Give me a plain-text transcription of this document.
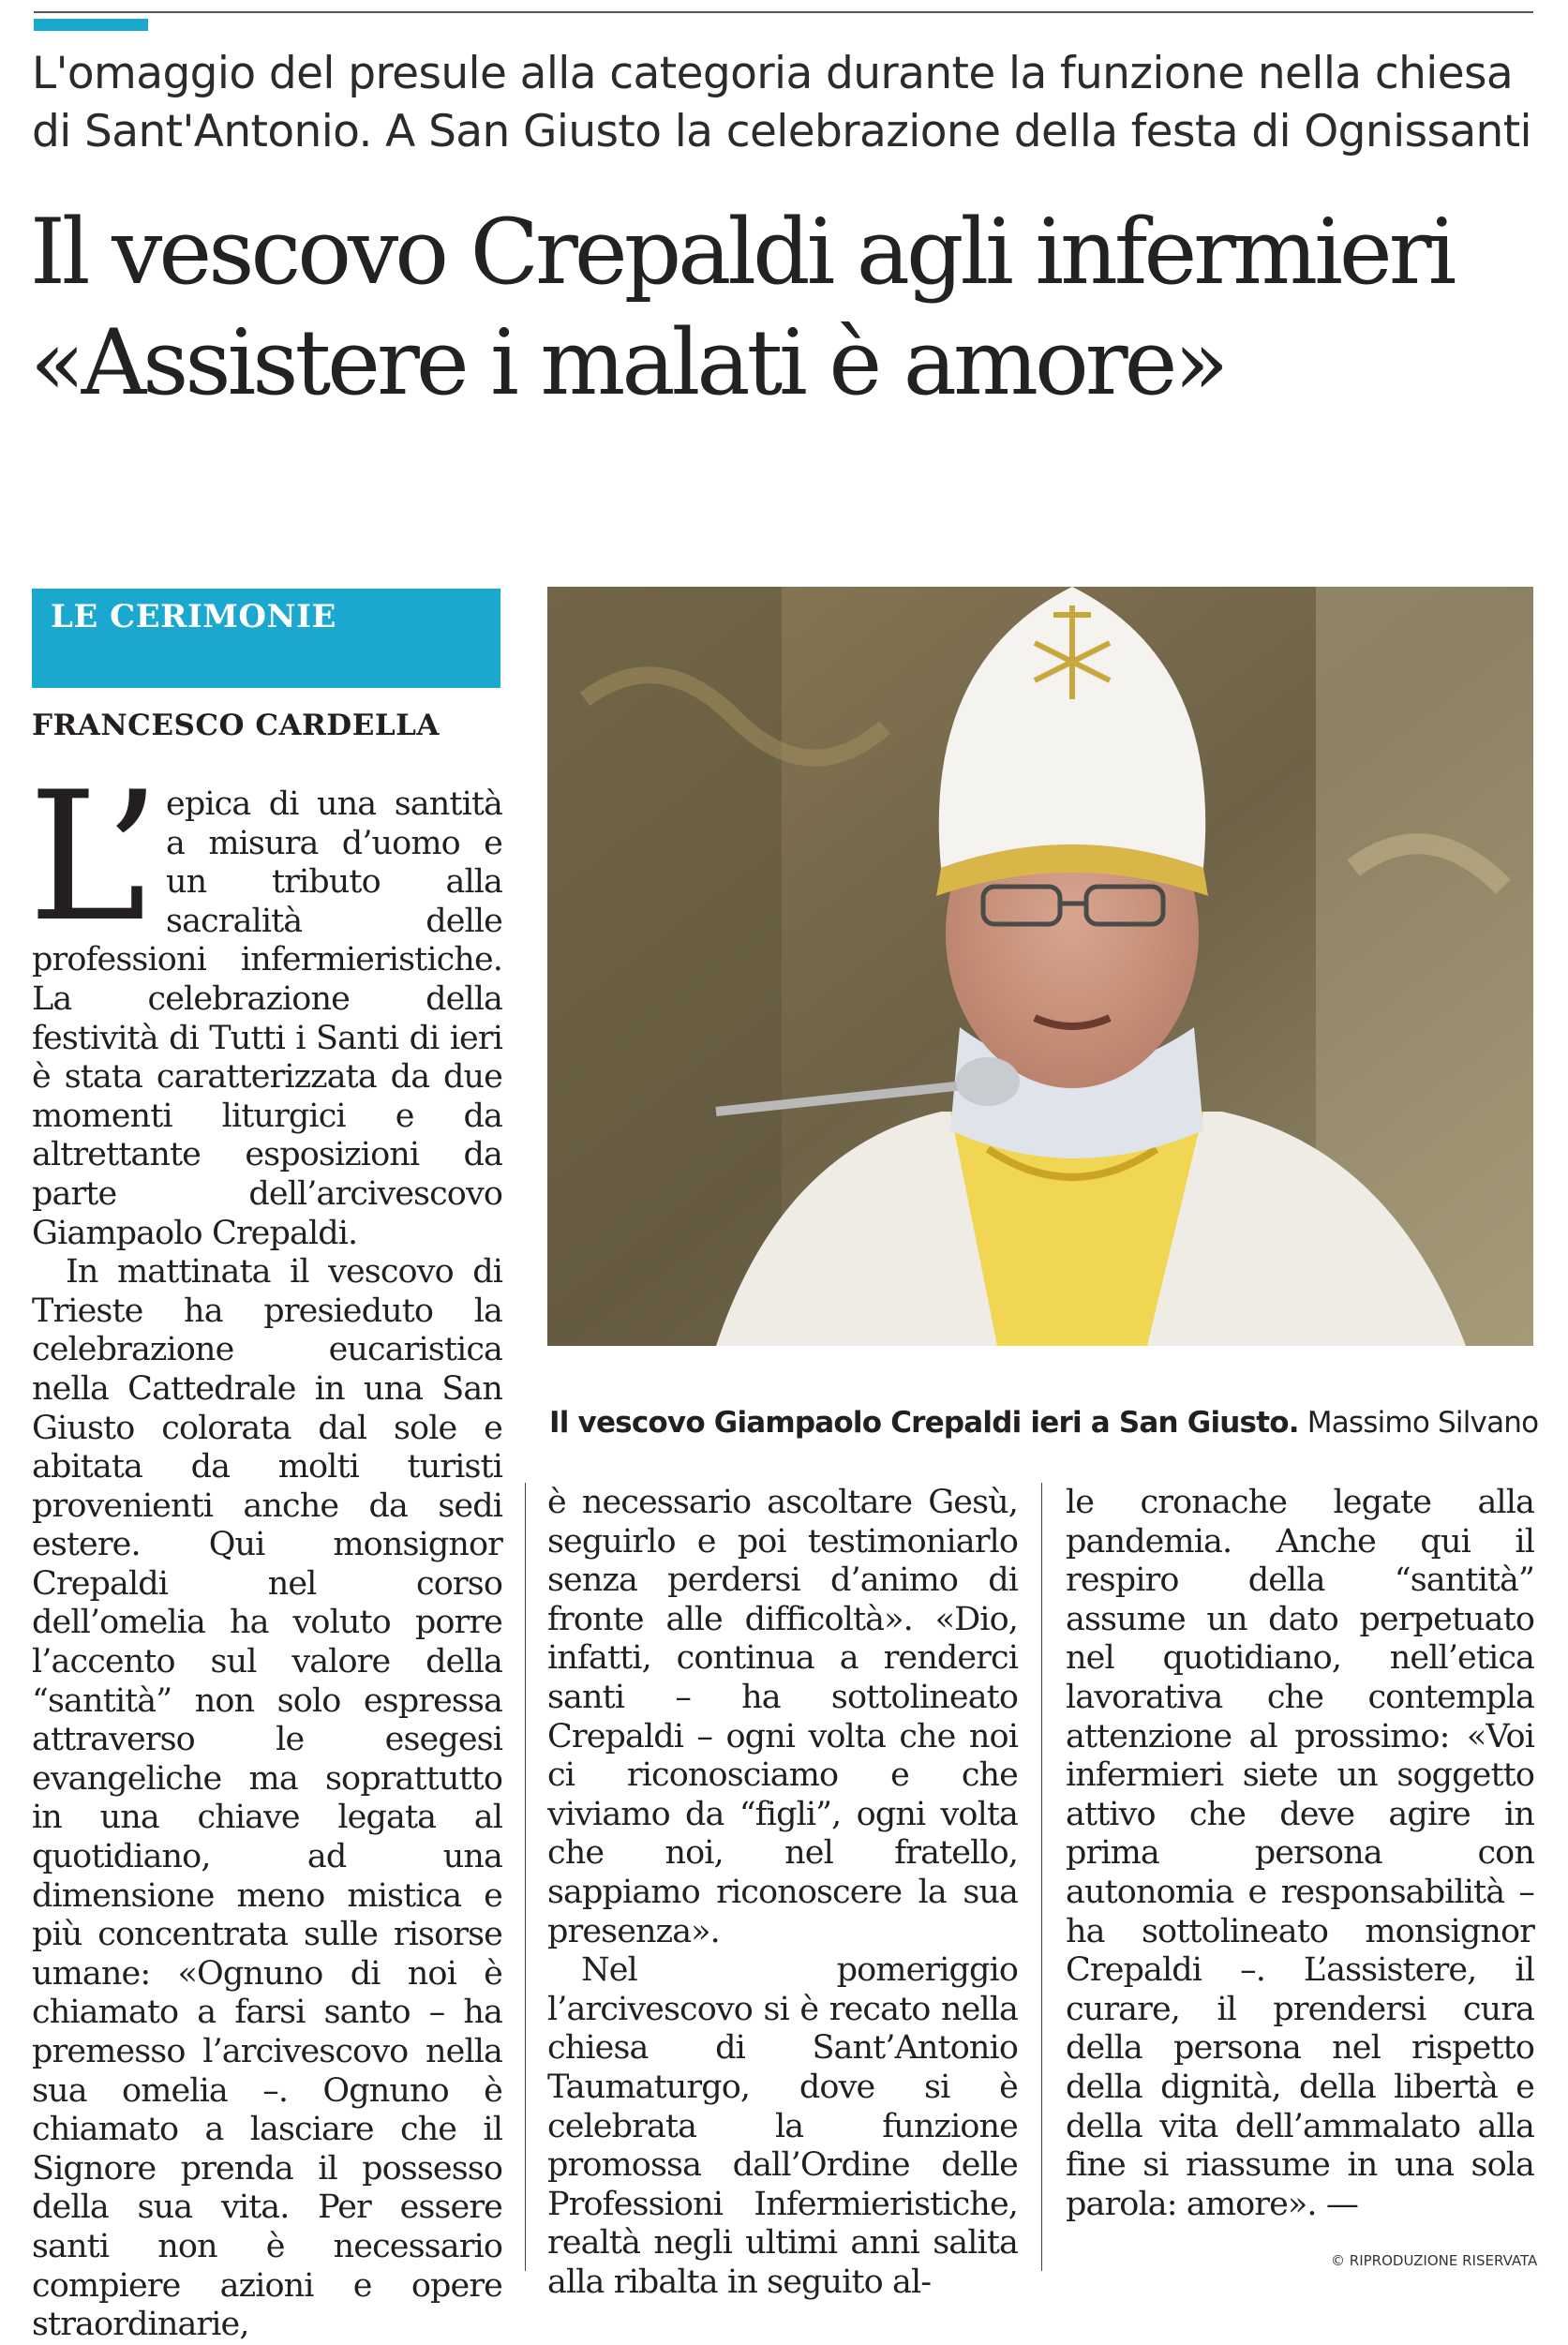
L'omaggio del presule alla categoria durante la funzione nella chiesa
di Sant'Antonio. A San Giusto la celebrazione della festa di Ognissanti
Il vescovo Crepaldi agli infermieri
«Assistere i malati è amore»
LE CERIMONIE
FRANCESCO CARDELLA
Il vescovo Giampaolo Crepaldi ieri a San Giusto. Massimo Silvano

L’ epica di una santità a misura d’uomo e un tributo alla sacralità delle professioni infermieristiche. La celebrazione della festività di Tutti i Santi di ieri è stata caratterizzata da due momenti liturgici e da altrettante esposizioni da parte dell’arcivescovo Giampaolo Crepaldi.

In mattinata il vescovo di Trieste ha presieduto la celebrazione eucaristica nella Cattedrale in una San Giusto colorata dal sole e abitata da molti turisti provenienti anche da sedi estere. Qui monsignor Crepaldi nel corso dell’omelia ha voluto porre l’accento sul valore della “santità” non solo espressa attraverso le esegesi evangeliche ma soprattutto in una chiave legata al quotidiano, ad una dimensione meno mistica e più concentrata sulle risorse umane: «Ognuno di noi è chiamato a farsi santo – ha premesso l’arcivescovo nella sua omelia –. Ognuno è chiamato a lasciare che il Signore prenda il possesso della sua vita. Per essere santi non è necessario compiere azioni e opere straordinarie,

è necessario ascoltare Gesù, seguirlo e poi testimoniarlo senza perdersi d’animo di fronte alle difficoltà». «Dio, infatti, continua a renderci santi – ha sottolineato Crepaldi – ogni volta che noi ci riconosciamo e che viviamo da “figli”, ogni volta che noi, nel fratello, sappiamo riconoscere la sua presenza».

Nel pomeriggio l’arcivescovo si è recato nella chiesa di Sant’Antonio Taumaturgo, dove si è celebrata la funzione promossa dall’Ordine delle Professioni Infermieristiche, realtà negli ultimi anni salita alla ribalta in seguito al-

le cronache legate alla pandemia. Anche qui il respiro della “santità” assume un dato perpetuato nel quotidiano, nell’etica lavorativa che contempla attenzione al prossimo: «Voi infermieri siete un soggetto attivo che deve agire in prima persona con autonomia e responsabilità – ha sottolineato monsignor Crepaldi –. L’assistere, il curare, il prendersi cura della persona nel rispetto della dignità, della libertà e della vita dell’ammalato alla fine si riassume in una sola parola: amore». —

© RIPRODUZIONE RISERVATA
